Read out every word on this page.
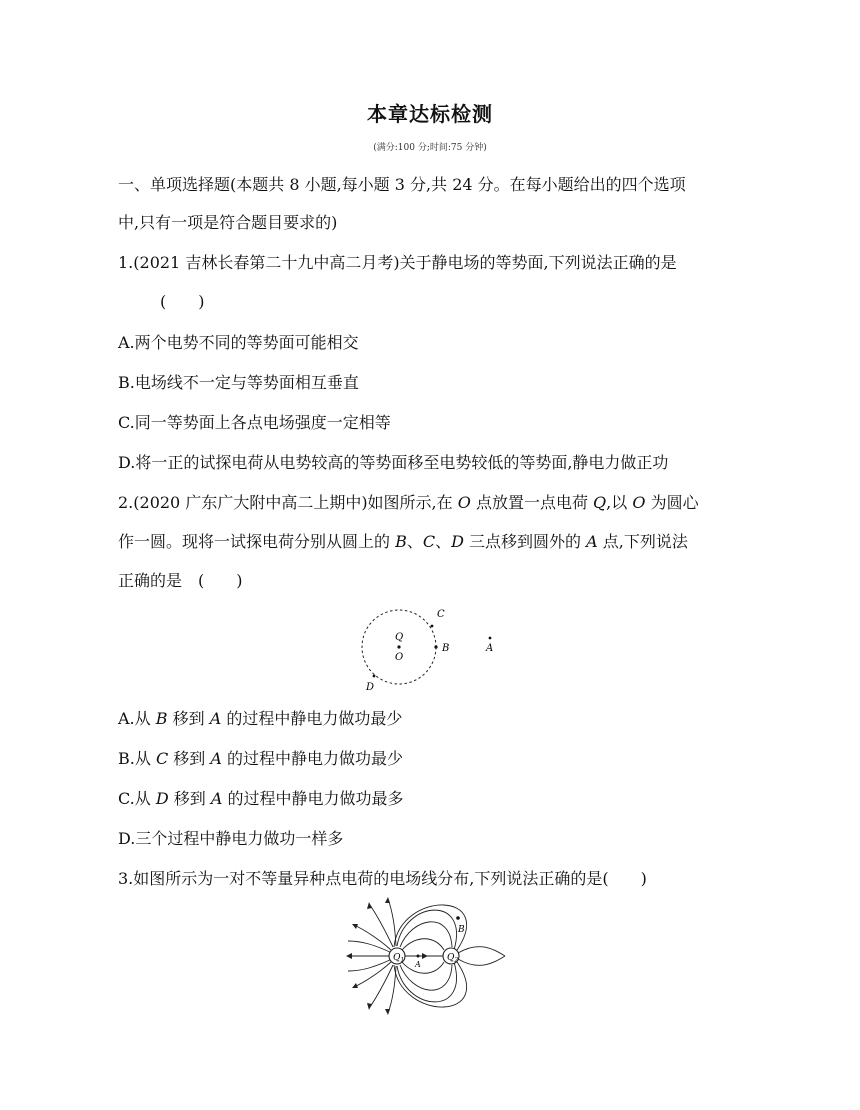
本章达标检测
(满分:100 分;时间:75 分钟)
一、单项选择题(本题共 8 小题,每小题 3 分,共 24 分。在每小题给出的四个选项
中,只有一项是符合题目要求的)
1.(2021 吉林长春第二十九中高二月考)关于静电场的等势面,下列说法正确的是
(　　)
A.两个电势不同的等势面可能相交
B.电场线不一定与等势面相互垂直
C.同一等势面上各点电场强度一定相等
D.将一正的试探电荷从电势较高的等势面移至电势较低的等势面,静电力做正功
2.(2020 广东广大附中高二上期中)如图所示,在 O 点放置一点电荷 Q,以 O 为圆心
作一圆。现将一试探电荷分别从圆上的 B、C、D 三点移到圆外的 A 点,下列说法
正确的是　(　　)
C
Q
O
B	A
D
A.从 B 移到 A 的过程中静电力做功最少
B.从 C 移到 A 的过程中静电力做功最少
C.从 D 移到 A 的过程中静电力做功最多
D.三个过程中静电力做功一样多
3.如图所示为一对不等量异种点电荷的电场线分布,下列说法正确的是(　　)
$Q_1$	$Q_2$
A
B
